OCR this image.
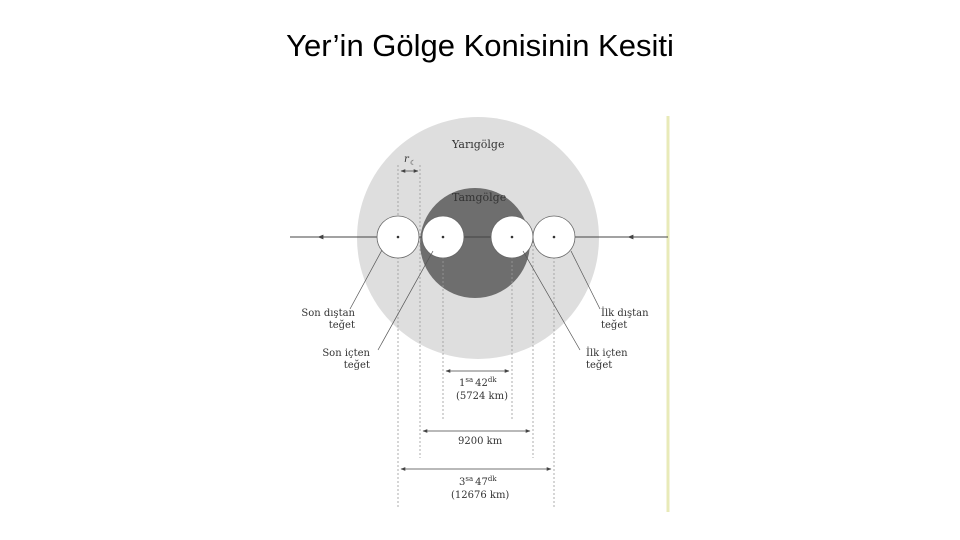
Yer’in Gölge Konisinin Kesiti
Yarıgölge
Tamgölge
r ☾
Son dıştan
teğet
Son içten
teğet
İlk dıştan
teğet
İlk içten
teğet
$1^{sa}$ $42^{dk}$
(5724 km)
9200 km
$3^{sa}$ $47^{dk}$
(12676 km)
